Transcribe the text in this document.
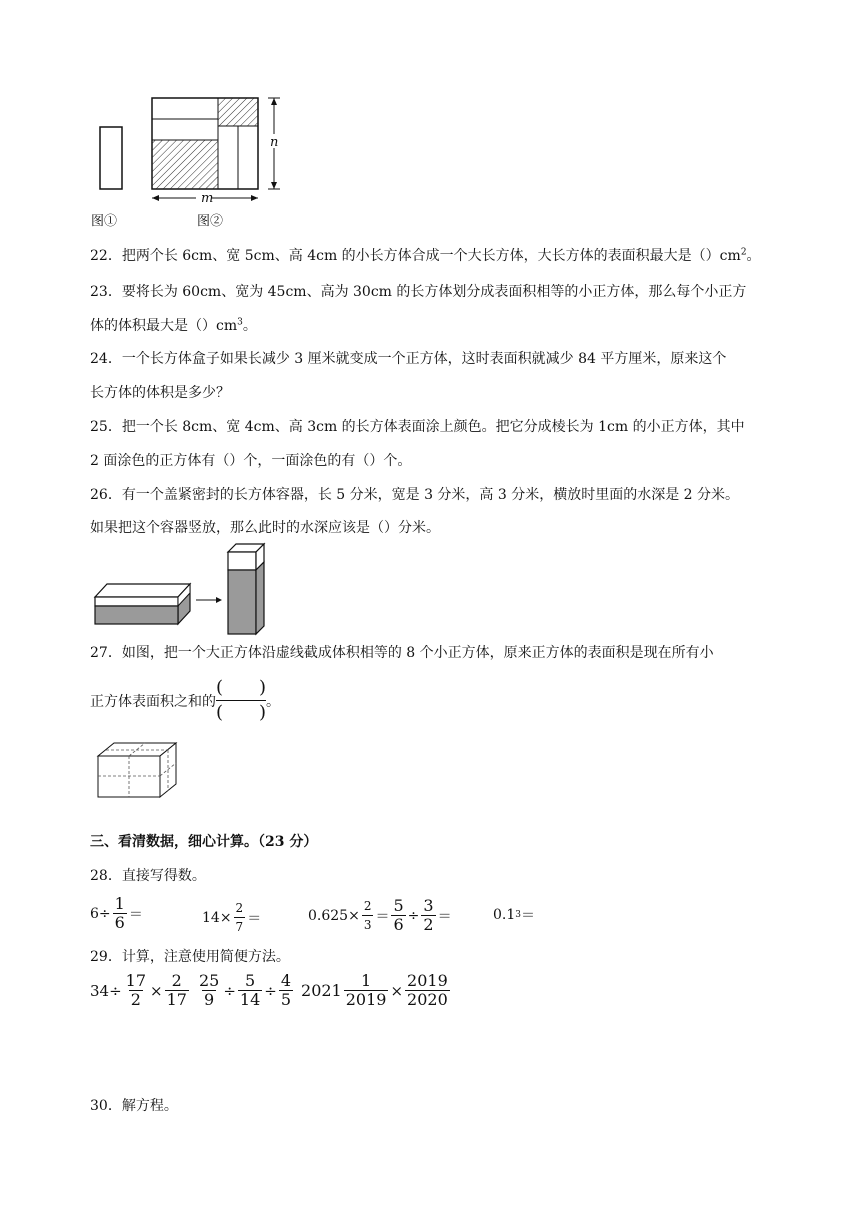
n
m
图①	图②
22．把两个长 6cm、宽 5cm、高 4cm 的小长方体合成一个大长方体，大长方体的表面积最大是$()cm^2$。
23．要将长为 60cm、宽为 45cm、高为 30cm 的长方体划分成表面积相等的小正方体，那么每个小正方
体的体积最大是$()cm^3$。
24．一个长方体盒子如果长减少 3 厘米就变成一个正方体，这时表面积就减少 84 平方厘米，原来这个
长方体的体积是多少？
25．把一个长 8cm、宽 4cm、高 3cm 的长方体表面涂上颜色。把它分成棱长为 1cm 的小正方体，其中
2 面涂色的正方体有（）个，一面涂色的有（）个。
26．有一个盖紧密封的长方体容器，长 5 分米，宽是 3 分米，高 3 分米，横放时里面的水深是 2 分米。
如果把这个容器竖放，那么此时的水深应该是（）分米。
27．如图，把一个大正方体沿虚线截成体积相等的 8 个小正方体，原来正方体的表面积是现在所有小
正方体表面积之和的
(　　)
(　　)
。
三、看清数据，细心计算。（23 分）
28．直接写得数。
$6\div \frac{1}{6}$ ＝	$14\times \frac{2}{7}$ ＝	$0.625\times \frac{2}{3} = \frac{5}{6} \div \frac{3}{2}$ ＝	0.1 3 ＝
29．计算，注意使用简便方法。
$34\div \frac{17}{2} \times \frac{2}{17} \frac{25}{9} \div \frac{5}{14} \div \frac{4}{5} 2021 \frac{1}{2019} \times \frac{2019}{2020}$
30．解方程。
